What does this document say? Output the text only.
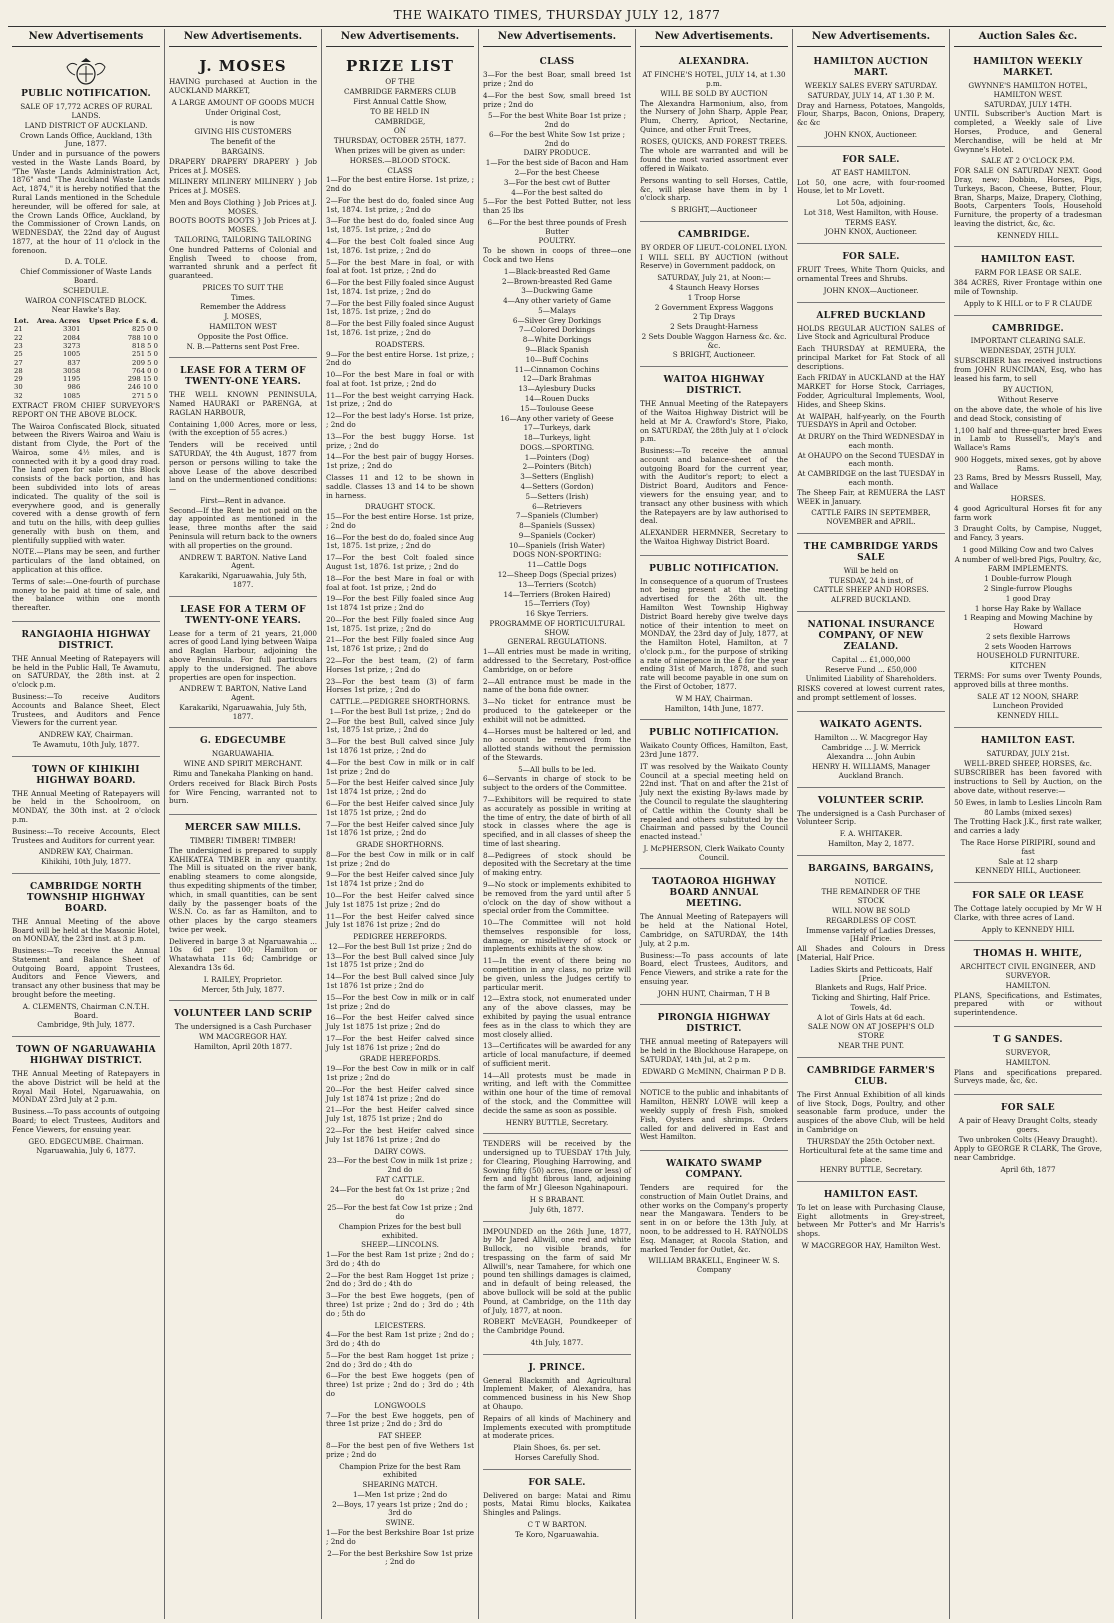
THE WAIKATO TIMES, THURSDAY JULY 12, 1877
New Advertisements
PUBLIC NOTIFICATION.

SALE OF 17,772 ACRES OF RURAL LANDS.

LAND DISTRICT OF AUCKLAND.

Crown Lands Office, Auckland, 13th June, 1877.

Under and in pursuance of the powers vested in the Waste Lands Board, by "The Waste Lands Administration Act, 1876" and "The Auckland Waste Lands Act, 1874," it is hereby notified that the Rural Lands mentioned in the Schedule hereunder, will be offered for sale, at the Crown Lands Office, Auckland, by the Commissioner of Crown Lands, on WEDNESDAY, the 22nd day of August 1877, at the hour of 11 o'clock in the forenoon.

D. A. TOLE.

Chief Commissioner of Waste Lands Board.

SCHEDULE.

WAIROA CONFISCATED BLOCK.

Near Hawke's Bay.

Lot.	Area. Acres	Upset Price £ s. d.
21	3301	825 0 0
22	2084	788 10 0
23	3273	818 5 0
25	1005	251 5 0
27	837	209 5 0
28	3058	764 0 0
29	1195	298 15 0
30	986	246 10 0
32	1085	271 5 0

EXTRACT FROM CHIEF SURVEYOR'S REPORT ON THE ABOVE BLOCK.

The Wairoa Confiscated Block, situated between the Rivers Wairoa and Waiu is distant from Clyde, the Port of the Wairoa, some 4½ miles, and is connected with it by a good dray road. The land open for sale on this Block consists of the back portion, and has been subdivided into lots of areas indicated. The quality of the soil is everywhere good, and is generally covered with a dense growth of fern and tutu on the hills, with deep gullies generally with bush on them, and plentifully supplied with water.

NOTE.—Plans may be seen, and further particulars of the land obtained, on application at this office.

Terms of sale:—One-fourth of purchase money to be paid at time of sale, and the balance within one month thereafter.

RANGIAOHIA HIGHWAY DISTRICT.

THE Annual Meeting of Ratepayers will be held in the Public Hall, Te Awamutu, on SATURDAY, the 28th inst. at 2 o'clock p.m.

Business:—To receive Auditors Accounts and Balance Sheet, Elect Trustees, and Auditors and Fence Viewers for the current year.

ANDREW KAY, Chairman.

Te Awamutu, 10th July, 1877.

TOWN OF KIHIKIHI HIGHWAY BOARD.

THE Annual Meeting of Ratepayers will be held in the Schoolroom, on MONDAY, the 30th inst. at 2 o'clock p.m.

Business:—To receive Accounts, Elect Trustees and Auditors for current year.

ANDREW KAY, Chairman.

Kihikihi, 10th July, 1877.

CAMBRIDGE NORTH TOWNSHIP HIGHWAY BOARD.

THE Annual Meeting of the above Board will be held at the Masonic Hotel, on MONDAY, the 23rd inst. at 3 p.m.

Business:—To receive the Annual Statement and Balance Sheet of Outgoing Board, appoint Trustees, Auditors and Fence Viewers, and transact any other business that may be brought before the meeting.

A. CLEMENTS, Chairman C.N.T.H. Board.

Cambridge, 9th July, 1877.

TOWN OF NGARUAWAHIA HIGHWAY DISTRICT.

THE Annual Meeting of Ratepayers in the above District will be held at the Royal Mail Hotel, Ngaruawahia, on MONDAY 23rd July at 2 p.m.

Business.—To pass accounts of outgoing Board; to elect Trustees, Auditors and Fence Viewers, for ensuing year.

GEO. EDGECUMBE. Chairman.

Ngaruawahia, July 6, 1877.

New Advertisements.
J. MOSES

HAVING purchased at Auction in the AUCKLAND MARKET,

A LARGE AMOUNT OF GOODS MUCH

Under Original Cost,

is now

GIVING HIS CUSTOMERS

The benefit of the

BARGAINS.

DRAPERY DRAPERY DRAPERY } Job Prices at J. MOSES.

MILINERY MILINERY MILINERY } Job Prices at J. MOSES.

Men and Boys Clothing } Job Prices at J. MOSES.

BOOTS BOOTS BOOTS } Job Prices at J. MOSES.

TAILORING, TAILORING TAILORING

One hundred Patterns of Colonial and English Tweed to choose from, warranted shrunk and a perfect fit guaranteed.

PRICES TO SUIT THE

Times.

Remember the Address

J. MOSES,

HAMILTON WEST

Opposite the Post Office.

N. B.—Patterns sent Post Free.

LEASE FOR A TERM OF TWENTY-ONE YEARS.

THE WELL KNOWN PENINSULA, Named HAURAKI or PARENGA, at RAGLAN HARBOUR,

Containing 1,000 Acres, more or less, (with the exception of 55 acres.)

Tenders will be received until SATURDAY, the 4th August, 1877 from person or persons willing to take the above Lease of the above described land on the undermentioned conditions:—

First—Rent in advance.

Second—If the Rent be not paid on the day appointed as mentioned in the lease, three months after the said Peninsula will return back to the owners with all properties on the ground.

ANDREW T. BARTON. Native Land Agent.

Karakariki, Ngaruawahia, July 5th, 1877.

LEASE FOR A TERM OF TWENTY-ONE YEARS.

Lease for a term of 21 years, 21,000 acres of good Land lying between Waipa and Raglan Harbour, adjoining the above Peninsula. For full particulars apply to the undersigned. The above properties are open for inspection.

ANDREW T. BARTON, Native Land Agent.

Karakariki, Ngaruawahia, July 5th, 1877.

G. EDGECUMBE

NGARUAWAHIA.

WINE AND SPIRIT MERCHANT.

Rimu and Tanekaha Planking on hand.

Orders received for Black Birch Posts for Wire Fencing, warranted not to burn.

MERCER SAW MILLS.

TIMBER! TIMBER! TIMBER!

The undersigned is prepared to supply KAHIKATEA TIMBER in any quantity. The Mill is situated on the river bank, enabling steamers to come alongside, thus expediting shipments of the timber, which, in small quantities, can be sent daily by the passenger boats of the W.S.N. Co. as far as Hamilton, and to other places by the cargo steamers twice per week.

Delivered in barge 3 at Ngaruawahia ... 10s 6d per 100; Hamilton or Whatawhata 11s 6d; Cambridge or Alexandra 13s 6d.

I. RAILEY, Proprietor.

Mercer, 5th July, 1877.

VOLUNTEER LAND SCRIP

The undersigned is a Cash Purchaser

WM MACGREGOR HAY.

Hamilton, April 20th 1877.

New Advertisements.
PRIZE LIST

OF THE

CAMBRIDGE FARMERS CLUB

First Annual Cattle Show,

TO BE HELD IN

CAMBRIDGE,

ON

THURSDAY, OCTOBER 25TH, 1877.

When prizes will be given as under:

HORSES.—BLOOD STOCK.

CLASS

1—For the best entire Horse. 1st prize, ; 2nd do

2—For the best do do, foaled since Aug 1st, 1874. 1st prize, ; 2nd do

3—For the best do do, foaled since Aug 1st, 1875. 1st prize, ; 2nd do

4—For the best Colt foaled since Aug 1st, 1876. 1st prize, ; 2nd do

5—For the best Mare in foal, or with foal at foot. 1st prize, ; 2nd do

6—For the best Filly foaled since August 1st, 1874. 1st prize, ; 2nd do

7—For the best Filly foaled since August 1st, 1875. 1st prize, ; 2nd do

8—For the best Filly foaled since August 1st, 1876. 1st prize, ; 2nd do

ROADSTERS.

9—For the best entire Horse. 1st prize, ; 2nd do

10—For the best Mare in foal or with foal at foot. 1st prize, ; 2nd do

11—For the best weight carrying Hack. 1st prize, ; 2nd do

12—For the best lady's Horse. 1st prize, ; 2nd do

13—For the best buggy Horse. 1st prize, ; 2nd do

14—For the best pair of buggy Horses. 1st prize, ; 2nd do

Classes 11 and 12 to be shown in saddle. Classes 13 and 14 to be shown in harness.

DRAUGHT STOCK.

15—For the best entire Horse. 1st prize, ; 2nd do

16—For the best do do, foaled since Aug 1st, 1875. 1st prize, ; 2nd do

17—For the best Colt foaled since August 1st, 1876. 1st prize, ; 2nd do

18—For the best Mare in foal or with foal at foot. 1st prize, ; 2nd do

19—For the best Filly foaled since Aug 1st 1874 1st prize ; 2nd do

20—For the best Filly foaled since Aug 1st, 1875. 1st prize, ; 2nd do

21—For the best Filly foaled since Aug 1st, 1876 1st prize, ; 2nd do

22—For the best team, (2) of farm Horses 1st prize, ; 2nd do

23—For the best team (3) of farm Horses 1st prize, ; 2nd do

CATTLE.—PEDIGREE SHORTHORNS.

1—For the best Bull 1st prize, ; 2nd do

2—For the best Bull, calved since July 1st, 1875 1st prize, ; 2nd do

3—For the best Bull calved since July 1st 1876 1st prize, ; 2nd do

4—For the best Cow in milk or in calf 1st prize ; 2nd do

5—For the best Heifer calved since July 1st 1874 1st prize, ; 2nd do

6—For the best Heifer calved since July 1st 1875 1st prize, ; 2nd do

7—For the best Heifer calved since July 1st 1876 1st prize, ; 2nd do

GRADE SHORTHORNS.

8—For the best Cow in milk or in calf 1st prize ; 2nd do

9—For the best Heifer calved since July 1st 1874 1st prize ; 2nd do

10—For the best Heifer calved since July 1st 1875 1st prize ; 2nd do

11—For the best Heifer calved since July 1st 1876 1st prize ; 2nd do

PEDIGREE HEREFORDS.

12—For the best Bull 1st prize ; 2nd do

13—For the best Bull calved since July 1st 1875 1st prize ; 2nd do

14—For the best Bull calved since July 1st 1876 1st prize ; 2nd do

15—For the best Cow in milk or in calf 1st prize ; 2nd do

16—For the best Heifer calved since July 1st 1875 1st prize ; 2nd do

17—For the best Heifer calved since July 1st 1876 1st prize ; 2nd do

GRADE HEREFORDS.

19—For the best Cow in milk or in calf 1st prize ; 2nd do

20—For the best Heifer calved since July 1st 1874 1st prize ; 2nd do

21—For the best Heifer calved since July 1st, 1875 1st prize ; 2nd do

22—For the best Heifer calved since July 1st 1876 1st prize ; 2nd do

DAIRY COWS.

23—For the best Cow in milk 1st prize ; 2nd do

FAT CATTLE.

24—For the best fat Ox 1st prize ; 2nd do

25—For the best fat Cow 1st prize ; 2nd do

Champion Prizes for the best bull exhibited.

SHEEP.—LINCOLNS.

1—For the best Ram 1st prize ; 2nd do ; 3rd do ; 4th do

2—For the best Ram Hogget 1st prize ; 2nd do ; 3rd do ; 4th do

3—For the best Ewe hoggets, (pen of three) 1st prize ; 2nd do ; 3rd do ; 4th do ; 5th do

LEICESTERS.

4—For the best Ram 1st prize ; 2nd do ; 3rd do ; 4th do

5—For the best Ram hogget 1st prize ; 2nd do ; 3rd do ; 4th do

6—For the best Ewe hoggets (pen of three) 1st prize ; 2nd do ; 3rd do ; 4th do

LONGWOOLS

7—For the best Ewe hoggets, pen of three 1st prize ; 2nd do ; 3rd do

FAT SHEEP.

8—For the best pen of five Wethers 1st prize ; 2nd do

Champion Prize for the best Ram exhibited

SHEARING MATCH.

1—Men 1st prize ; 2nd do

2—Boys, 17 years 1st prize ; 2nd do ; 3rd do

SWINE.

1—For the best Berkshire Boar 1st prize ; 2nd do

2—For the best Berkshire Sow 1st prize ; 2nd do

New Advertisements.
CLASS

3—For the best Boar, small breed 1st prize ; 2nd do

4—For the best Sow, small breed 1st prize ; 2nd do

5—For the best White Boar 1st prize ; 2nd do

6—For the best White Sow 1st prize ; 2nd do

DAIRY PRODUCE.

1—For the best side of Bacon and Ham

2—For the best Cheese

3—For the best cwt of Butter

4—For the best salted do

5—For the best Potted Butter, not less than 25 lbs

6—For the best three pounds of Fresh Butter

POULTRY.

To be shown in coops of three—one Cock and two Hens

1—Black-breasted Red Game

2—Brown-breasted Red Game

3—Duckwing Game

4—Any other variety of Game

5—Malays

6—Silver Grey Dorkings

7—Colored Dorkings

8—White Dorkings

9—Black Spanish

10—Buff Cochins

11—Cinnamon Cochins

12—Dark Brahmas

13—Aylesbury Ducks

14—Rouen Ducks

15—Toulouse Geese

16—Any other variety of Geese

17—Turkeys, dark

18—Turkeys, light

DOGS.—SPORTING.

1—Pointers (Dog)

2—Pointers (Bitch)

3—Setters (English)

4—Setters (Gordon)

5—Setters (Irish)

6—Retrievers

7—Spaniels (Clumber)

8—Spaniels (Sussex)

9—Spaniels (Cocker)

10—Spaniels (Irish Water)

DOGS NON-SPORTING:

11—Cattle Dogs

12—Sheep Dogs (Special prizes)

13—Terriers (Scotch)

14—Terriers (Broken Haired)

15—Terriers (Toy)

16 Skye Terriers.

PROGRAMME OF HORTICULTURAL SHOW.

GENERAL REGULATIONS.

1—All entries must be made in writing, addressed to the Secretary, Post-office Cambridge, on or before

2—All entrance must be made in the name of the bona fide owner.

3—No ticket for entrance must be produced to the gatekeeper or the exhibit will not be admitted.

4—Horses must be haltered or led, and no account be removed from the allotted stands without the permission of the Stewards.

5—All bulls to be led.

6—Servants in charge of stock to be subject to the orders of the Committee.

7—Exhibitors will be required to state as accurately as possible in writing at the time of entry, the date of birth of all stock in classes where the age is specified, and in all classes of sheep the time of last shearing.

8—Pedigrees of stock should be deposited with the Secretary at the time of making entry.

9—No stock or implements exhibited to be removed from the yard until after 5 o'clock on the day of show without a special order from the Committee.

10—The Committee will not hold themselves responsible for loss, damage, or misdelivery of stock or implements exhibits at the show.

11—In the event of there being no competition in any class, no prize will be given, unless the Judges certify to particular merit.

12—Extra stock, not enumerated under any of the above classes, may be exhibited by paying the usual entrance fees as in the class to which they are most closely allied.

13—Certificates will be awarded for any article of local manufacture, if deemed of sufficient merit.

14—All protests must be made in writing, and left with the Committee within one hour of the time of removal of the stock, and the Committee will decide the same as soon as possible.

HENRY BUTTLE, Secretary.

TENDERS will be received by the undersigned up to TUESDAY 17th July, for Clearing, Ploughing Harrowing, and Sowing fifty (50) acres, (more or less) of fern and light fibrous land, adjoining the farm of Mr J Gleeson Ngahinapouri.

H S BRABANT.

July 6th, 1877.

IMPOUNDED on the 26th June, 1877, by Mr Jared Allwill, one red and white Bullock, no visible brands, for trespassing on the farm of said Mr Allwill's, near Tamahere, for which one pound ten shillings damages is claimed, and in default of being released, the above bullock will be sold at the public Pound, at Cambridge, on the 11th day of July, 1877, at noon.

ROBERT McVEAGH, Poundkeeper of the Cambridge Pound.

4th July, 1877.

J. PRINCE.

General Blacksmith and Agricultural Implement Maker, of Alexandra, has commenced business in his New Shop at Ohaupo.

Repairs of all kinds of Machinery and Implements executed with promptitude at moderate prices.

Plain Shoes, 6s. per set.

Horses Carefully Shod.

FOR SALE.

Delivered on barge: Matai and Rimu posts, Matai Rimu blocks, Kaikatea Shingles and Palings.

C T W BARTON.

Te Koro, Ngaruawahia.

New Advertisements.
ALEXANDRA.

AT FINCHE'S HOTEL, JULY 14, at 1.30 p.m.

WILL BE SOLD BY AUCTION

The Alexandra Harmonium, also, from the Nursery of John Sharp, Apple Pear, Plum, Cherry, Apricot, Nectarine, Quince, and other Fruit Trees,

ROSES, QUICKS, AND FOREST TREES.

The whole are warranted and will be found the most varied assortment ever offered in Waikato.

Persons wanting to sell Horses, Cattle, &c, will please have them in by 1 o'clock sharp.

S BRIGHT,—Auctioneer

CAMBRIDGE.

BY ORDER OF LIEUT.-COLONEL LYON.

I WILL SELL BY AUCTION (without Reserve) in Government paddock, on

SATURDAY, July 21, at Noon:—

4 Staunch Heavy Horses

1 Troop Horse

2 Government Express Waggons

2 Tip Drays

2 Sets Draught-Harness

2 Sets Double Waggon Harness &c. &c. &c.

S BRIGHT, Auctioneer.

WAITOA HIGHWAY DISTRICT.

THE Annual Meeting of the Ratepayers of the Waitoa Highway District will be held at Mr A. Crawford's Store, Piako, on SATURDAY, the 28th July at 1 o'clock p.m.

Business:—To receive the annual account and balance-sheet of the outgoing Board for the current year, with the Auditor's report; to elect a District Board, Auditors and Fence-viewers for the ensuing year, and to transact any other business with which the Ratepayers are by law authorised to deal.

ALEXANDER HERMNER, Secretary to the Waitoa Highway District Board.

PUBLIC NOTIFICATION.

In consequence of a quorum of Trustees not being present at the meeting advertised for the 26th ult. the Hamilton West Township Highway District Board hereby give twelve days notice of their intention to meet on MONDAY, the 23rd day of July, 1877, at the Hamilton Hotel, Hamilton, at 7 o'clock p.m., for the purpose of striking a rate of ninepence in the £ for the year ending 31st of March, 1878, and such rate will become payable in one sum on the First of October, 1877.

W M HAY, Chairman.

Hamilton, 14th June, 1877.

PUBLIC NOTIFICATION.

Waikato County Offices, Hamilton, East, 23rd June 1877.

IT was resolved by the Waikato County Council at a special meeting held on 22nd inst. 'That on and after the 21st of July next the existing By-laws made by the Council to regulate the slaughtering of Cattle within the County shall be repealed and others substituted by the Chairman and passed by the Council enacted instead.'

J. McPHERSON, Clerk Waikato County Council.

TAOTAOROA HIGHWAY BOARD ANNUAL MEETING.

The Annual Meeting of Ratepayers will be held at the National Hotel, Cambridge, on SATURDAY, the 14th July, at 2 p.m.

Business:—To pass accounts of late Board, elect Trustees, Auditors, and Fence Viewers, and strike a rate for the ensuing year.

JOHN HUNT, Chairman, T H B

PIRONGIA HIGHWAY DISTRICT.

THE annual meeting of Ratepayers will be held in the Blockhouse Harapepe, on SATURDAY, 14th Jul, at 2 p m.

EDWARD G McMINN, Chairman P D B.

NOTICE to the public and inhabitants of Hamilton, HENRY LOWE will keep a weekly supply of fresh Fish, smoked Fish, Oysters and shrimps. Orders called for and delivered in East and West Hamilton.

WAIKATO SWAMP COMPANY.

Tenders are required for the construction of Main Outlet Drains, and other works on the Company's property near the Mangawara. Tenders to be sent in on or before the 13th July, at noon, to be addressed to H. RAYNOLDS Esq. Manager, at Rocola Station, and marked Tender for Outlet, &c.

WILLIAM BRAKELL, Engineer W. S. Company

New Advertisements.
HAMILTON AUCTION MART.

WEEKLY SALES EVERY SATURDAY.

SATURDAY, JULY 14, AT 1.30 P. M.

Dray and Harness, Potatoes, Mangolds, Flour, Sharps, Bacon, Onions, Drapery, &c &c

JOHN KNOX, Auctioneer.

FOR SALE.

AT EAST HAMILTON.

Lot 50, one acre, with four-roomed House, let to Mr Lovett.

Lot 50a, adjoining.

Lot 318, West Hamilton, with House.

TERMS EASY.

JOHN KNOX, Auctioneer.

FOR SALE.

FRUIT Trees, White Thorn Quicks, and ornamental Trees and Shrubs.

JOHN KNOX—Auctioneer.

ALFRED BUCKLAND

HOLDS REGULAR AUCTION SALES of Live Stock and Agricultural Produce

Each THURSDAY at REMUERA, the principal Market for Fat Stock of all descriptions.

Each FRIDAY in AUCKLAND at the HAY MARKET for Horse Stock, Carriages, Fodder, Agricultural Implements, Wool, Hides, and Sheep Skins.

At WAIPAH, half-yearly, on the Fourth TUESDAYS in April and October.

At DRURY on the Third WEDNESDAY in each month.

At OHAUPO on the Second TUESDAY in each month.

At CAMBRIDGE on the last TUESDAY in each month.

The Sheep Fair, at REMUERA the LAST WEEK in January.

CATTLE FAIRS IN SEPTEMBER, NOVEMBER and APRIL.

THE CAMBRIDGE YARDS SALE

Will be held on

TUESDAY, 24 h inst, of

CATTLE SHEEP AND HORSES.

ALFRED BUCKLAND.

NATIONAL INSURANCE COMPANY, OF NEW ZEALAND.

Capital ... £1,000,000

Reserve Fund ... £50,000

Unlimited Liability of Shareholders.

RISKS covered at lowest current rates, and prompt settlement of losses.

WAIKATO AGENTS.

Hamilton ... W. Macgregor Hay

Cambridge ... J. W. Merrick

Alexandra ... John Aubin

HENRY H. WILLIAMS, Manager Auckland Branch.

VOLUNTEER SCRIP.

The undersigned is a Cash Purchaser of Volunteer Scrip.

F. A. WHITAKER.

Hamilton, May 2, 1877.

BARGAINS, BARGAINS,

NOTICE.

THE REMAINDER OF THE

STOCK

WILL NOW BE SOLD

REGARDLESS OF COST.

Immense variety of Ladies Dresses, [Half Price.

All Shades and Colours in Dress [Material, Half Price.

Ladies Skirts and Petticoats, Half [Price.

Blankets and Rugs, Half Price.

Ticking and Shirting, Half Price.

Towels, 4d.

A lot of Girls Hats at 6d each.

SALE NOW ON AT JOSEPH'S OLD STORE

NEAR THE PUNT.

CAMBRIDGE FARMER'S CLUB.

The First Annual Exhibition of all kinds of live Stock, Dogs, Poultry, and other seasonable farm produce, under the auspices of the above Club, will be held in Cambridge on

THURSDAY the 25th October next.

Horticultural fete at the same time and place.

HENRY BUTTLE, Secretary.

HAMILTON EAST.

To let on lease with Purchasing Clause, Eight allotments in Grey-street, between Mr Potter's and Mr Harris's shops.

W MACGREGOR HAY, Hamilton West.

Auction Sales &c.
HAMILTON WEEKLY MARKET.

GWYNNE'S HAMILTON HOTEL, HAMILTON WEST.

SATURDAY, JULY 14TH.

UNTIL Subscriber's Auction Mart is completed, a Weekly sale of Live Horses, Produce, and General Merchandise, will be held at Mr Gwynne's Hotel.

SALE AT 2 O'CLOCK P.M.

FOR SALE ON SATURDAY NEXT. Good Dray, new; Dobbin, Horses, Pigs, Turkeys, Bacon, Cheese, Butter, Flour, Bran, Sharps, Maize, Drapery, Clothing, Boots, Carpenters Tools, Household Furniture, the property of a tradesman leaving the district, &c, &c.

KENNEDY HILL.

HAMILTON EAST.

FARM FOR LEASE OR SALE.

384 ACRES, River Frontage within one mile of Township.

Apply to K HILL or to F R CLAUDE

CAMBRIDGE.

IMPORTANT CLEARING SALE.

WEDNESDAY, 25TH JULY.

SUBSCRIBER has received instructions from JOHN RUNCIMAN, Esq, who has leased his farm, to sell

BY AUCTION,

Without Reserve

on the above date, the whole of his live and dead Stock, consisting of

1,100 half and three-quarter bred Ewes in Lamb to Russell's, May's and Wallace's Rams

900 Hoggets, mixed sexes, got by above Rams.

23 Rams, Bred by Messrs Russell, May, and Wallace

HORSES.

4 good Agricultural Horses fit for any farm work

3 Draught Colts, by Campise, Nugget, and Fancy, 3 years.

1 good Milking Cow and two Calves

A number of well-bred Pigs, Poultry, &c,

FARM IMPLEMENTS.

1 Double-furrow Plough

2 Single-furrow Ploughs

1 good Dray

1 horse Hay Rake by Wallace

1 Reaping and Mowing Machine by Howard

2 sets flexible Harrows

2 sets Wooden Harrows

HOUSEHOLD FURNITURE.

KITCHEN

TERMS: For sums over Twenty Pounds, approved bills at three months.

SALE AT 12 NOON, SHARP.

Luncheon Provided

KENNEDY HILL.

HAMILTON EAST.

SATURDAY, JULY 21st.

WELL-BRED SHEEP, HORSES, &c.

SUBSCRIBER has been favored with instructions to Sell by Auction, on the above date, without reserve:—

50 Ewes, in lamb to Leslies Lincoln Ram

80 Lambs (mixed sexes)

The Trotting Hack J.K., first rate walker, and carries a lady

The Race Horse PIRIPIRI, sound and fast

Sale at 12 sharp

KENNEDY HILL, Auctioneer.

FOR SALE OR LEASE

The Cottage lately occupied by Mr W H Clarke, with three acres of Land.

Apply to KENNEDY HILL

THOMAS H. WHITE,

ARCHITECT CIVIL ENGINEER, AND SURVEYOR.

HAMILTON.

PLANS, Specifications, and Estimates, prepared with or without superintendence.

T G SANDES.

SURVEYOR,

HAMILTON.

Plans and specifications prepared. Surveys made, &c, &c.

FOR SALE

A pair of Heavy Draught Colts, steady goers.

Two unbroken Colts (Heavy Draught).

Apply to GEORGE R CLARK, The Grove, near Cambridge.

April 6th, 1877
